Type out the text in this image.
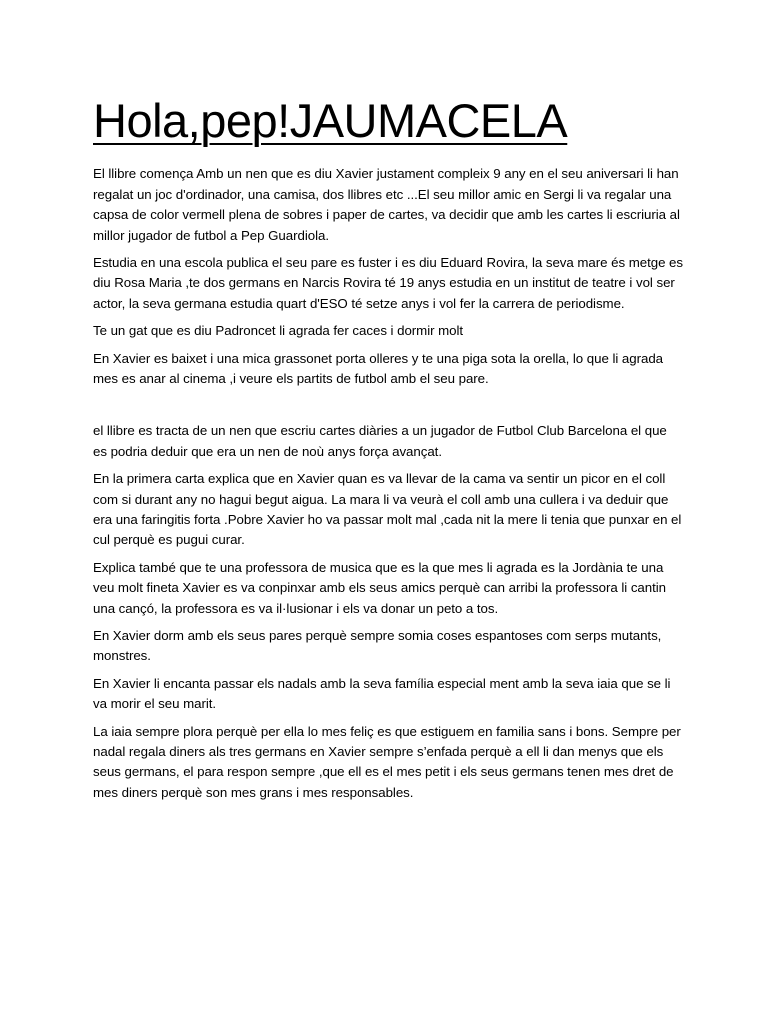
Hola,pep!JAUMACELA

El llibre comença Amb un nen que es diu Xavier justament compleix 9 any en el seu aniversari li han regalat un joc d'ordinador, una camisa, dos llibres etc ...El seu millor amic en Sergi li va regalar una capsa de color vermell plena de sobres i paper de cartes, va decidir que amb les cartes li escriuria al millor jugador de futbol a Pep Guardiola.

Estudia en una escola publica el seu pare es fuster i es diu Eduard Rovira, la seva mare és metge es diu Rosa Maria ,te dos germans en Narcis Rovira té 19 anys estudia en un institut de teatre i vol ser actor, la seva germana estudia quart d'ESO té setze anys i vol fer la carrera de periodisme.

Te un gat que es diu Padroncet li agrada fer caces i dormir molt

En Xavier es baixet i una mica grassonet porta olleres y te una piga sota la orella, lo que li agrada mes es anar al cinema ,i veure els partits de futbol amb el seu pare.

el llibre es tracta de un nen que escriu cartes diàries a un jugador de Futbol Club Barcelona el que es podria deduir que era un nen de noù anys força avançat.

En la primera carta explica que en Xavier quan es va llevar de la cama va sentir un picor en el coll com si durant any no hagui begut aigua. La mara li va veurà el coll amb una cullera i va deduir que era una faringitis forta .Pobre Xavier ho va passar molt mal ,cada nit la mere li tenia que punxar en el cul perquè es pugui curar.

Explica també que te una professora de musica que es la que mes li agrada es la Jordània te una veu molt fineta Xavier es va conpinxar amb els seus amics perquè can arribi la professora li cantin una cançó, la professora es va il·lusionar i els va donar un peto a tos.

En Xavier dorm amb els seus pares perquè sempre somia coses espantoses com serps mutants, monstres.

En Xavier li encanta passar els nadals amb la seva família especial ment amb la seva iaia que se li va morir el seu marit.

La iaia sempre plora perquè per ella lo mes feliç es que estiguem en familia sans i bons. Sempre per nadal regala diners als tres germans en Xavier sempre s’enfada perquè a ell li dan menys que els seus germans, el para respon sempre ,que ell es el mes petit i els seus germans tenen mes dret de mes diners perquè son mes grans i mes responsables.
